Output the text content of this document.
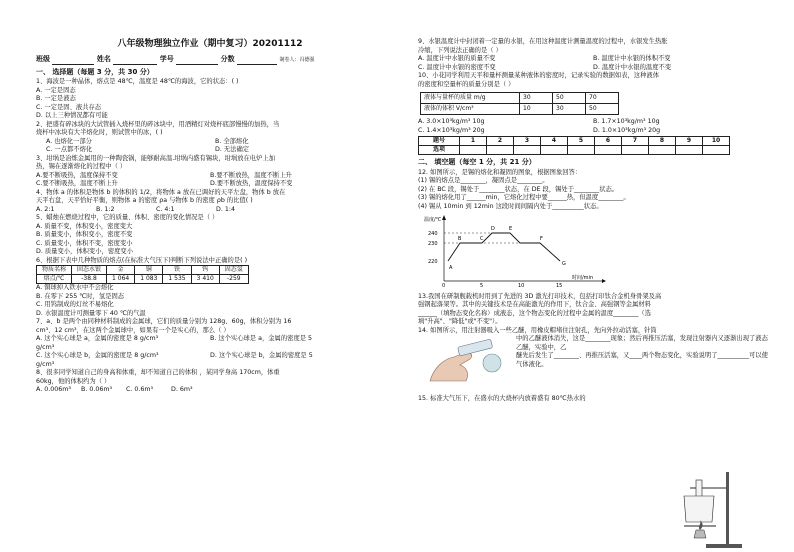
八年级物理独立作业（期中复习）20201112
班级	姓名	学号	分数	制卷人：冯德强
一、 选择题（每题 3 分，共 30 分）
1、海波是一种晶体，熔点是 48℃，温度是 48℃的海波，它的状态：( )
A. 一定是固态
B. 一定是液态
C. 一定是固、液共存态
D. 以上三种情况都有可能
2、把盛有碎冰块的大试管插入烧杯里的碎冰块中，用酒精灯对烧杯底部慢慢的加热，当
烧杯中冰块有大半熔化时，则试管中的冰，( )
A. 也熔化一部分	B. 全部熔化
C. 一点都不熔化	D. 无法确定
3、坩埚是冶炼金属用的一种陶瓷锅，能够耐高温.坩埚内盛有锡块，坩埚放在电炉上加
热，锡在逐渐熔化的过程中（ ）
A.要不断吸热，温度保持不变	B.要不断放热，温度不断上升
C.要不断吸热，温度不断上升	D.要不断放热，温度保持不变
4、物体 a 的体积是物体 b 的体积的 1/2，将物体 a 放在已调好的天平左盘，物体 b 放在
天平右盘，天平恰好平衡，则物体 a 的密度 ρa 与物体 b 的密度 ρb 的比值( )
A. 2:1	B. 1:2	C. 4:1	D. 1:4
5、蜡烛在燃烧过程中，它的质量、体积、密度的变化情况是（ ）
A. 质量不变，体积变小，密度变大
B. 质量变小，体积变小，密度不变
C. 质量变小，体积不变，密度变小
D. 质量变小，体积变小，密度变小
6、根据下表中几种物质的熔点(在标准大气压下)判断下列说法中正确的是( )
物质名称	固态水银	金	铜	铁	钨	固态氢
熔点/℃	-38.8	1 064	1 083	1 535	3 410	-259
A. 铜球掉入铁水中不会熔化
B. 在零下 255 ℃时，氢是固态
C. 用钨制成的灯丝不易熔化
D. 水银温度计可测量零下 40 ℃的气温
7、a、b 是两个由同种材料制成的金属球，它们的质量分别为 128g、60g，体积分别为 16
cm³、12 cm³，在这两个金属球中，如果有一个是实心的，那么（ ）
A. 这个实心球是 a，金属的密度是 8 g/cm³	B. 这个实心球是 a，金属的密度是 5
g/cm³
C. 这个实心球是 b，金属的密度是 8 g/cm³	D. 这个实心球是 b，金属的密度是 5
g/cm³
8、很多同学知道自己的身高和体重，却不知道自己的体积 ，某同学身高 170cm，体重
60kg，他的体积约为（ ）
A. 0.006m³	B. 0.06m³	C. 0.6m³	D. 6m³
9、水银温度计中封闭着一定量的水银，在用这种温度计测量温度的过程中，水银发生热胀
冷缩，下列说法正确的是（ ）
A. 温度计中水银的质量不变	B. 温度计中水银的体积不变
C. 温度计中水银的密度不变	D. 温度计中水银的温度不变
10、小花同学利用天平和量杯测量某种液体的密度时，记录实验的数据如表，这种液体
的密度和空量杯的质量分别是（ ）
液体与量杯的质量 m/g	30	50	70
液体的体积 V/cm³	10	30	50
A. 3.0×10³kg/m³ 10g	B. 1.7×10³kg/m³ 10g
C. 1.4×10³kg/m³ 20g	D. 1.0×10³kg/m³ 20g
题号	1	2	3	4	5	6	7	8	9	10
选项										
二、 填空题（每空 1 分，共 21 分）
12. 如图所示，是锡的熔化和凝固的图象，根据图象回答：
(1) 锡的熔点是________，凝固点是________。
(2) 在 BC 段，锡处于________状态，在 DE 段，锡处于________状态。
(3) 锡的熔化用了______min，它熔化过程中要______热，但温度________。
(4) 锡从 10min 到 12min 这段时间间隔内处于__________状态。
温度/℃
240
230
220
0	5	10	15
时间/min
A
B	C
D	E
F
G
13.我国在研制舰载机时用到了先进的 3D 激光打印技术，包括打印钛合金机身骨架及高
强钢起落架等。其中的关键技术是在高能激光的作用下，钛合金、高强钢等金属材料
______（填物态变化名称）成液态，这个物态变化的过程中金属的温度________（选
填"升高"、"降低"或"不变"）。
14. 如图所示，用注射器吸入一些乙醚，用橡皮帽堵住注射孔，先向外拉动活塞，针筒
中的乙醚液体消失，这是________现象；然后再推压活塞，发现注射器内又逐渐出现了液态乙醚，实验中，乙
醚先后发生了________、再推压活塞，又____两个物态变化，实验说明了__________可以使气体液化。
15. 标准大气压下，在盛水的大烧杯内放着盛有 80℃热水的
